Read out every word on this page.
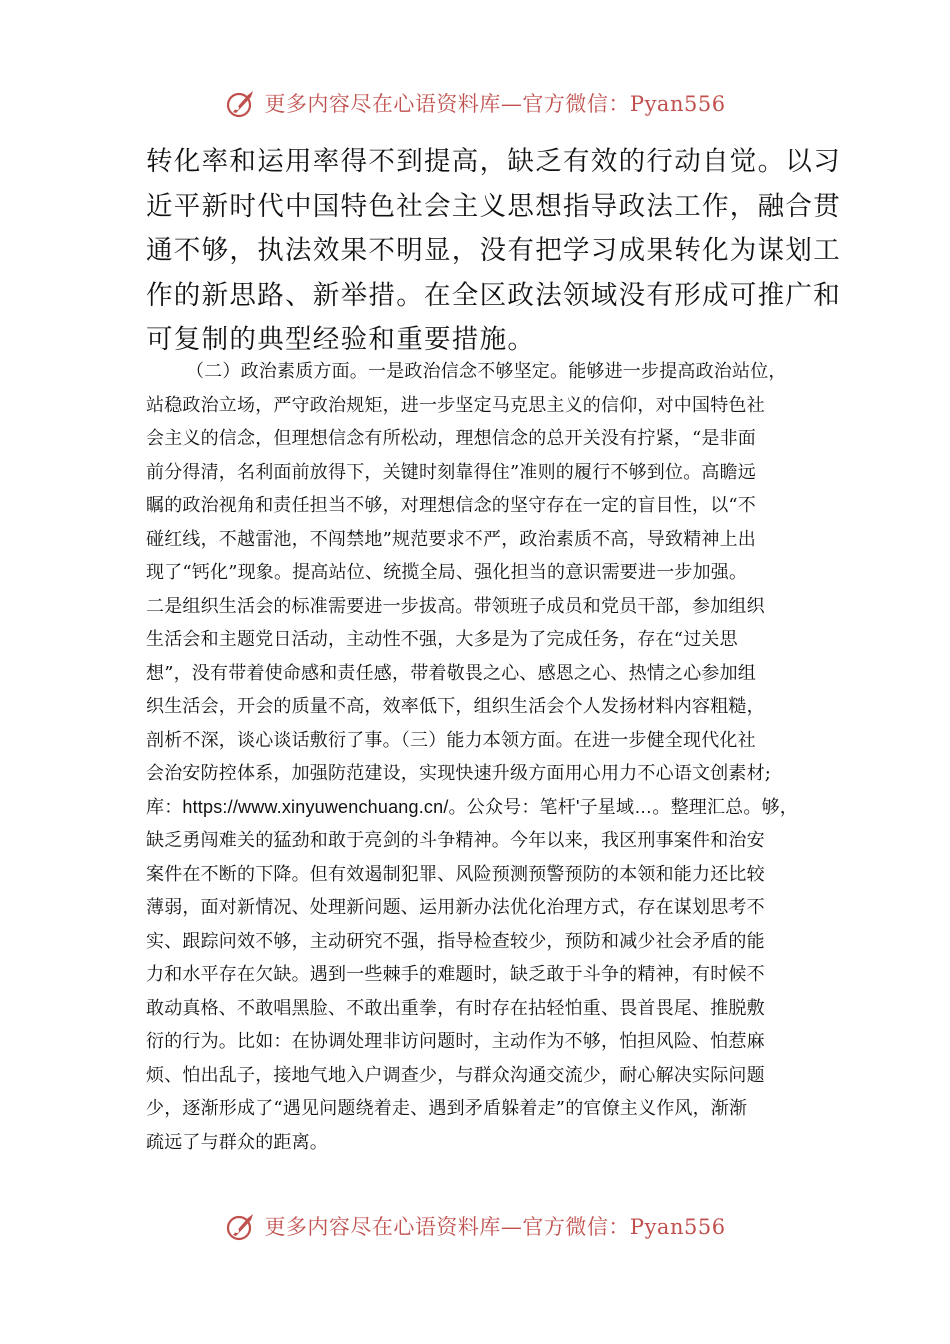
更多内容尽在心语资料库—官方微信：Pyan556
转化率和运用率得不到提高，缺乏有效的行动自觉。以习
近平新时代中国特色社会主义思想指导政法工作，融合贯
通不够，执法效果不明显，没有把学习成果转化为谋划工
作的新思路、新举措。在全区政法领域没有形成可推广和
可复制的典型经验和重要措施。
（二）政治素质方面。一是政治信念不够坚定。能够进一步提高政治站位，
站稳政治立场，严守政治规矩，进一步坚定马克思主义的信仰，对中国特色社
会主义的信念，但理想信念有所松动，理想信念的总开关没有拧紧，“是非面
前分得清，名利面前放得下，关键时刻靠得住”准则的履行不够到位。高瞻远
瞩的政治视角和责任担当不够，对理想信念的坚守存在一定的盲目性，以“不
碰红线，不越雷池，不闯禁地”规范要求不严，政治素质不高，导致精神上出
现了“钙化”现象。提高站位、统揽全局、强化担当的意识需要进一步加强。
二是组织生活会的标准需要进一步拔高。带领班子成员和党员干部，参加组织
生活会和主题党日活动，主动性不强，大多是为了完成任务，存在“过关思
想”，没有带着使命感和责任感，带着敬畏之心、感恩之心、热情之心参加组
织生活会，开会的质量不高，效率低下，组织生活会个人发扬材料内容粗糙，
剖析不深，谈心谈话敷衍了事。（三）能力本领方面。在进一步健全现代化社
会治安防控体系，加强防范建设，实现快速升级方面用心用力不心语文创素材;
库：https://www.xinyuwenchuang.cn/。公众号：笔杆'子星域…。整理汇总。够，
缺乏勇闯难关的猛劲和敢于亮剑的斗争精神。今年以来，我区刑事案件和治安
案件在不断的下降。但有效遏制犯罪、风险预测预警预防的本领和能力还比较
薄弱，面对新情况、处理新问题、运用新办法优化治理方式，存在谋划思考不
实、跟踪问效不够，主动研究不强，指导检查较少，预防和减少社会矛盾的能
力和水平存在欠缺。遇到一些棘手的难题时，缺乏敢于斗争的精神，有时候不
敢动真格、不敢唱黑脸、不敢出重拳，有时存在拈轻怕重、畏首畏尾、推脱敷
衍的行为。比如：在协调处理非访问题时，主动作为不够，怕担风险、怕惹麻
烦、怕出乱子，接地气地入户调查少，与群众沟通交流少，耐心解决实际问题
少，逐渐形成了“遇见问题绕着走、遇到矛盾躲着走”的官僚主义作风，渐渐
疏远了与群众的距离。
更多内容尽在心语资料库—官方微信：Pyan556
